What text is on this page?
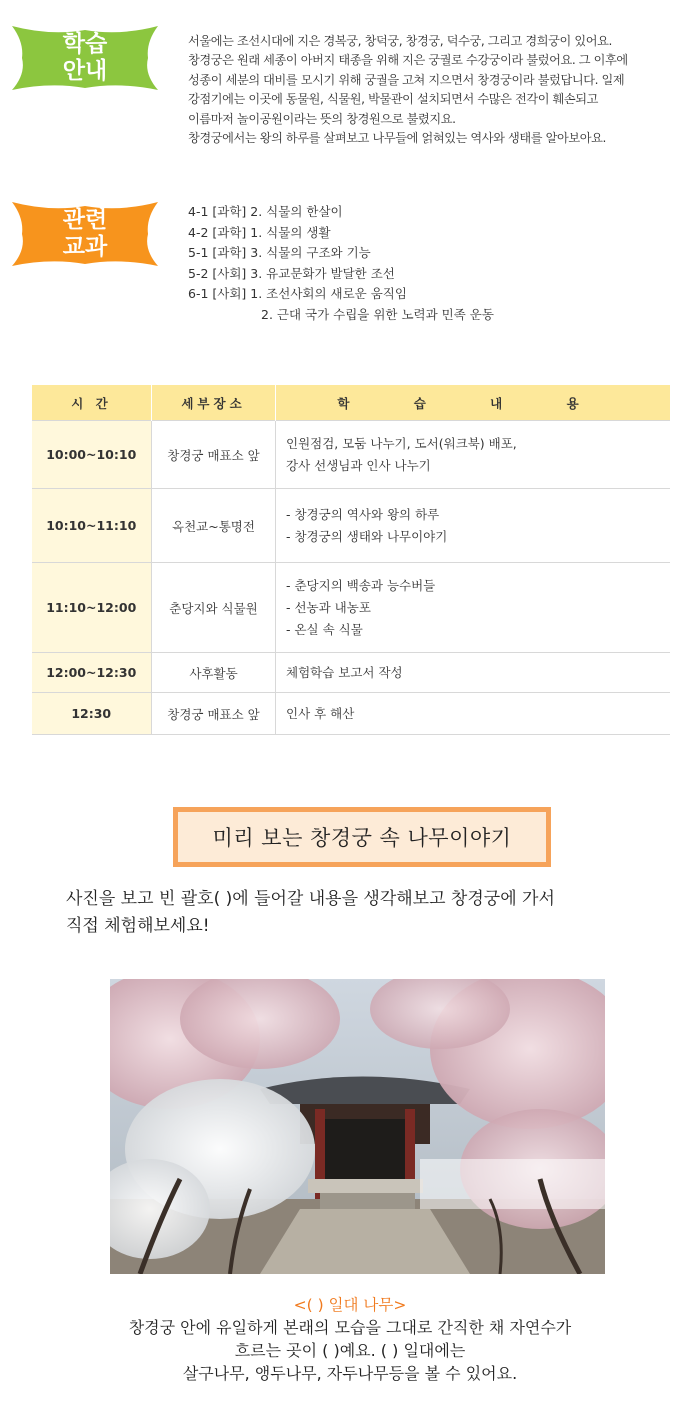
학습
안내

서울에는 조선시대에 지은 경복궁, 창덕궁, 창경궁, 덕수궁, 그리고 경희궁이 있어요.

창경궁은 원래 세종이 아버지 태종을 위해 지은 궁궐로 수강궁이라 불렀어요. 그 이후에

성종이 세분의 대비를 모시기 위해 궁궐을 고쳐 지으면서 창경궁이라 불렀답니다. 일제

강점기에는 이곳에 동물원, 식물원, 박물관이 설치되면서 수많은 전각이 훼손되고

이름마저 놀이공원이라는 뜻의 창경원으로 불렸지요.

창경궁에서는 왕의 하루를 살펴보고 나무들에 얽혀있는 역사와 생태를 알아보아요.

관련
교과
4-1 [과학] 2. 식물의 한살이
4-2 [과학] 1. 식물의 생활
5-1 [과학] 3. 식물의 구조와 기능
5-2 [사회] 3. 유교문화가 발달한 조선
6-1 [사회] 1. 조선사회의 새로운 움직임
2. 근대 국가 수립을 위한 노력과 민족 운동
시 간	세부장소	학 습 내 용
10:00~10:10	창경궁 매표소 앞	인원점검, 모둠 나누기, 도서(워크북) 배포,
강사 선생님과 인사 나누기

10:10~11:10	옥천교~통명전	- 창경궁의 역사와 왕의 하루
- 창경궁의 생태와 나무이야기

11:10~12:00	춘당지와 식물원	- 춘당지의 백송과 능수버들
- 선농과 내농포
- 온실 속 식물

12:00~12:30	사후활동	체험학습 보고서 작성

12:30	창경궁 매표소 앞	인사 후 해산
미리 보는 창경궁 속 나무이야기
사진을 보고 빈 괄호( )에 들어갈 내용을 생각해보고 창경궁에 가서
직접 체험해보세요!
<( ) 일대 나무>
창경궁 안에 유일하게 본래의 모습을 그대로 간직한 채 자연수가
흐르는 곳이 ( )예요. ( ) 일대에는
살구나무, 앵두나무, 자두나무등을 볼 수 있어요.
